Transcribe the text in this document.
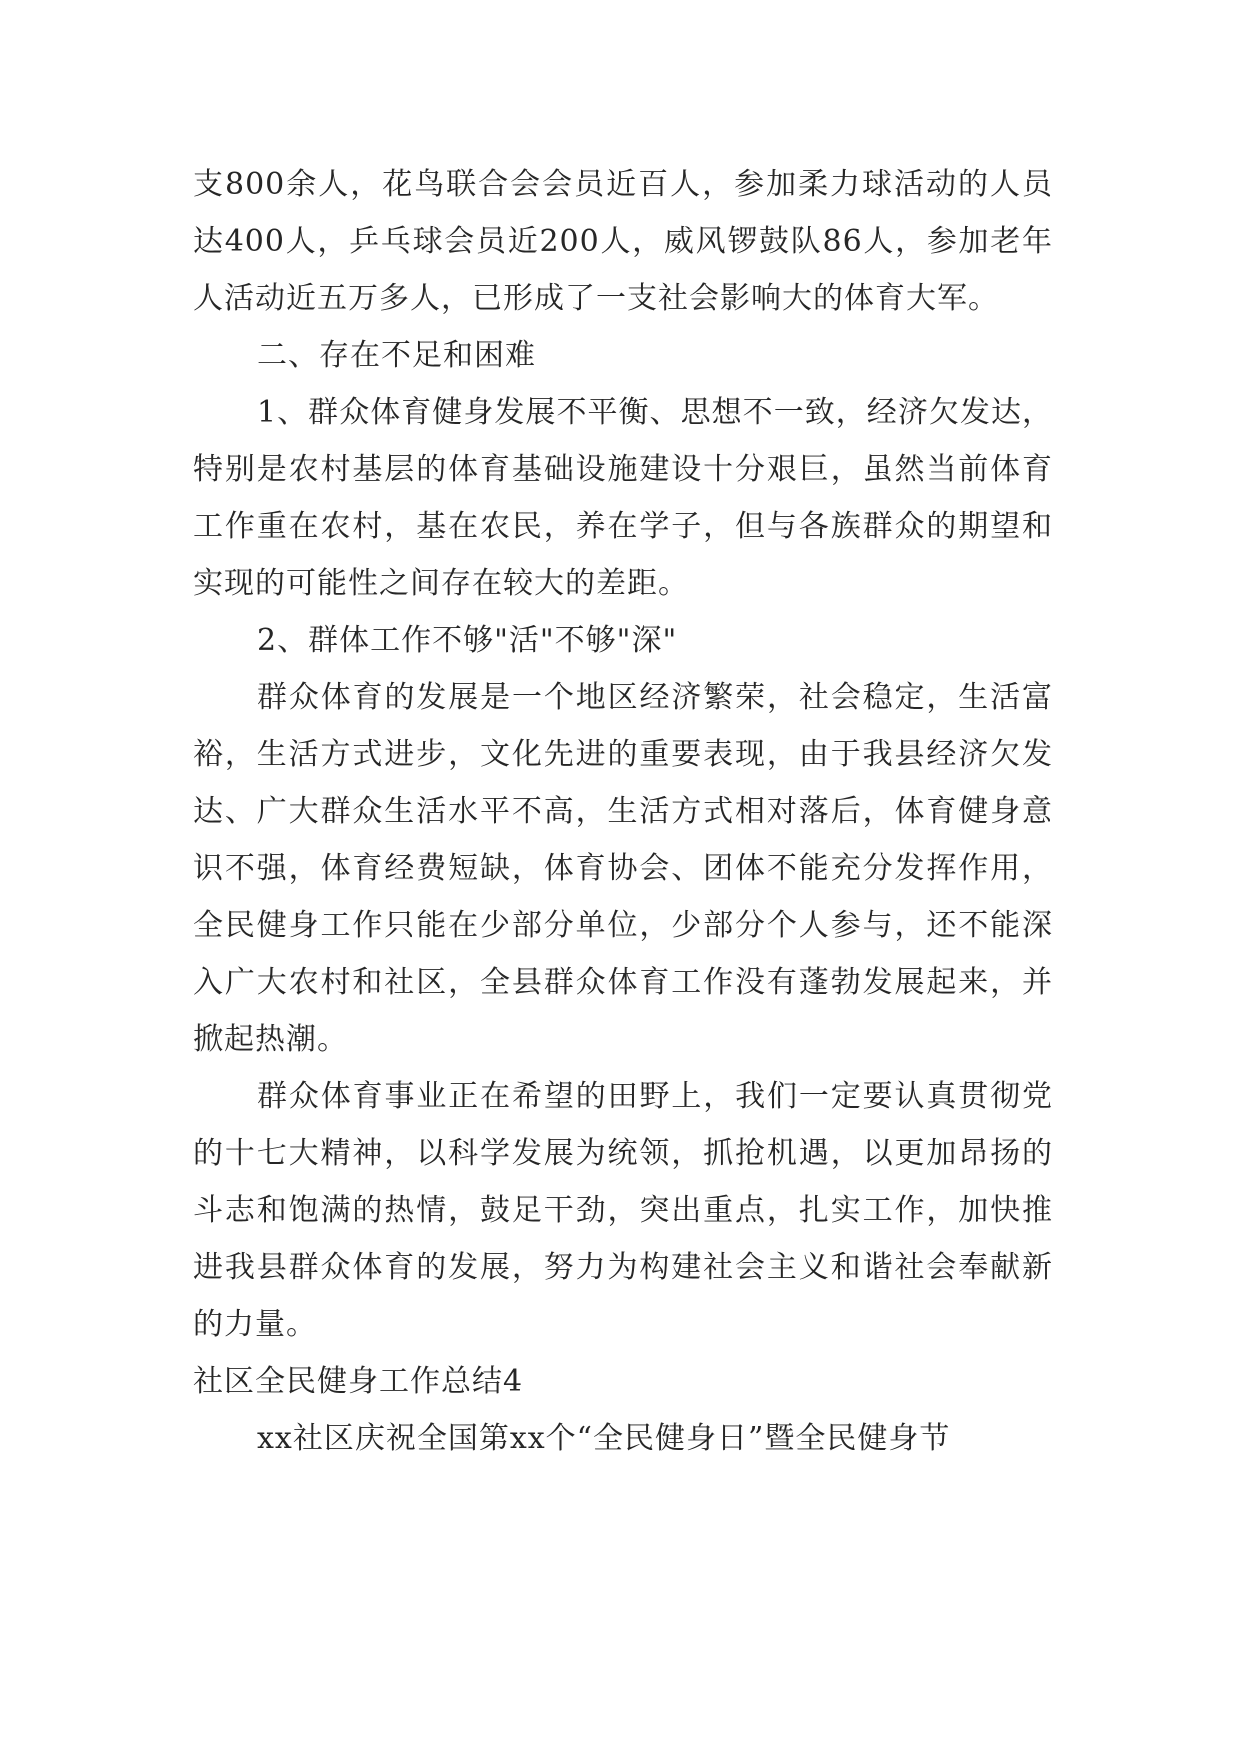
支800余人，花鸟联合会会员近百人，参加柔力球活动的人员达400人，乒乓球会员近200人，威风锣鼓队86人，参加老年人活动近五万多人，已形成了一支社会影响大的体育大军。

二、存在不足和困难

1、群众体育健身发展不平衡、思想不一致，经济欠发达，特别是农村基层的体育基础设施建设十分艰巨，虽然当前体育工作重在农村，基在农民，养在学子，但与各族群众的期望和实现的可能性之间存在较大的差距。

2、群体工作不够"活"不够"深"

群众体育的发展是一个地区经济繁荣，社会稳定，生活富裕，生活方式进步，文化先进的重要表现，由于我县经济欠发达、广大群众生活水平不高，生活方式相对落后，体育健身意识不强，体育经费短缺，体育协会、团体不能充分发挥作用，全民健身工作只能在少部分单位，少部分个人参与，还不能深入广大农村和社区，全县群众体育工作没有蓬勃发展起来，并掀起热潮。

群众体育事业正在希望的田野上，我们一定要认真贯彻党的十七大精神，以科学发展为统领，抓抢机遇，以更加昂扬的斗志和饱满的热情，鼓足干劲，突出重点，扎实工作，加快推进我县群众体育的发展，努力为构建社会主义和谐社会奉献新的力量。

社区全民健身工作总结4

xx社区庆祝全国第xx个“全民健身日”暨全民健身节
